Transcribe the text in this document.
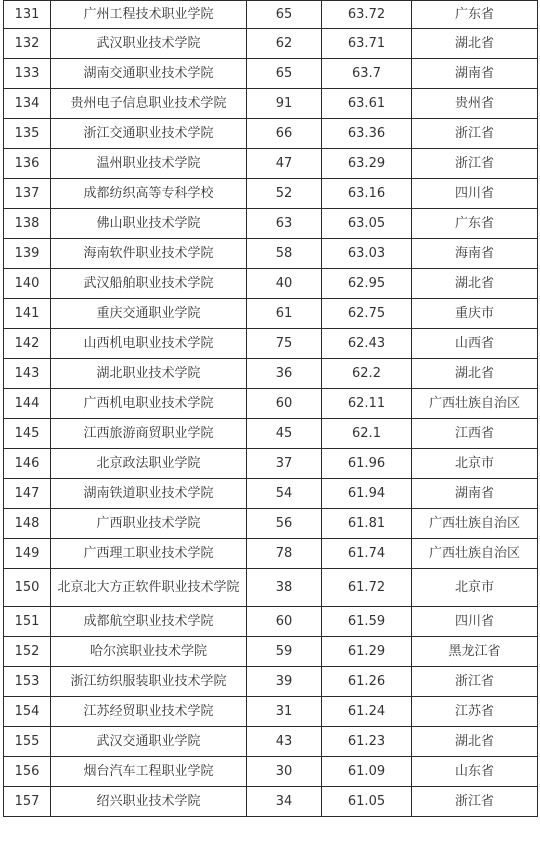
131	广州工程技术职业学院	65	63.72	广东省
132	武汉职业技术学院	62	63.71	湖北省
133	湖南交通职业技术学院	65	63.7	湖南省
134	贵州电子信息职业技术学院	91	63.61	贵州省
135	浙江交通职业技术学院	66	63.36	浙江省
136	温州职业技术学院	47	63.29	浙江省
137	成都纺织高等专科学校	52	63.16	四川省
138	佛山职业技术学院	63	63.05	广东省
139	海南软件职业技术学院	58	63.03	海南省
140	武汉船舶职业技术学院	40	62.95	湖北省
141	重庆交通职业学院	61	62.75	重庆市
142	山西机电职业技术学院	75	62.43	山西省
143	湖北职业技术学院	36	62.2	湖北省
144	广西机电职业技术学院	60	62.11	广西壮族自治区
145	江西旅游商贸职业学院	45	62.1	江西省
146	北京政法职业学院	37	61.96	北京市
147	湖南铁道职业技术学院	54	61.94	湖南省
148	广西职业技术学院	56	61.81	广西壮族自治区
149	广西理工职业技术学院	78	61.74	广西壮族自治区
150	北京北大方正软件职业技术学院	38	61.72	北京市
151	成都航空职业技术学院	60	61.59	四川省
152	哈尔滨职业技术学院	59	61.29	黑龙江省
153	浙江纺织服装职业技术学院	39	61.26	浙江省
154	江苏经贸职业技术学院	31	61.24	江苏省
155	武汉交通职业学院	43	61.23	湖北省
156	烟台汽车工程职业学院	30	61.09	山东省
157	绍兴职业技术学院	34	61.05	浙江省
